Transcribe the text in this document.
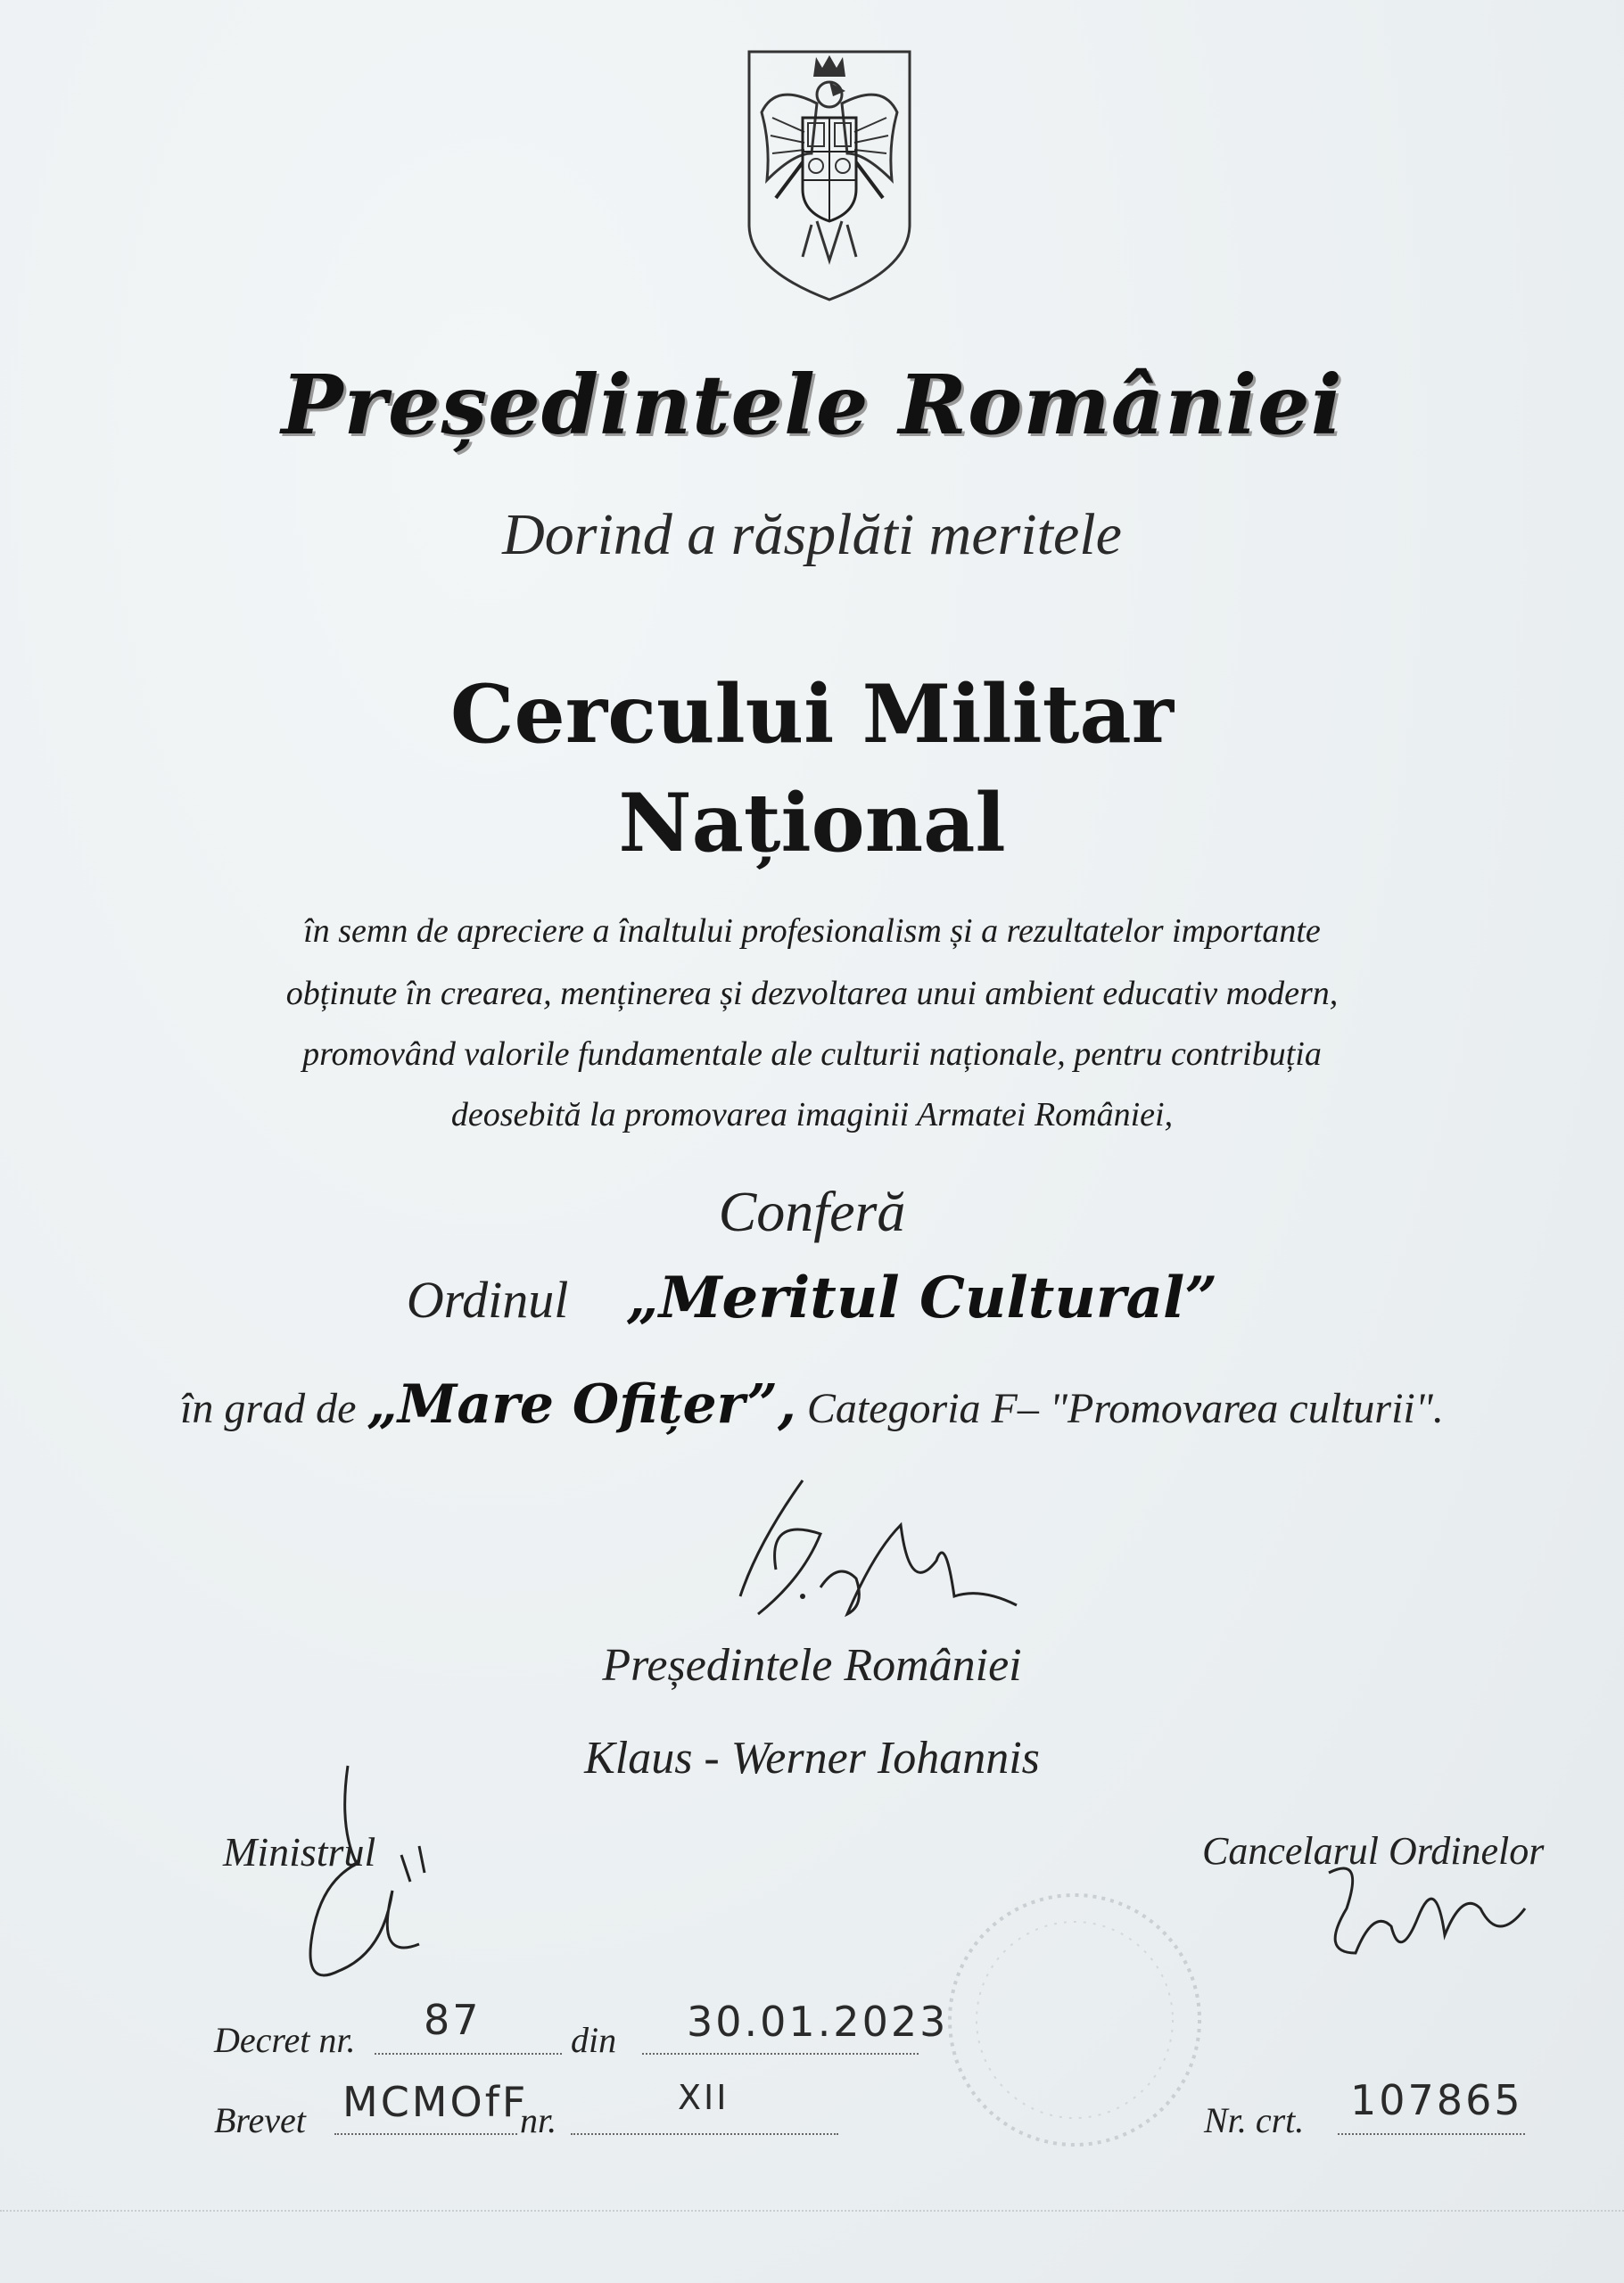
Președintele României
Dorind a răsplăti meritele
Cercului Militar
Național
în semn de apreciere a înaltului profesionalism și a rezultatelor importante
obținute în crearea, menținerea și dezvoltarea unui ambient educativ modern,
promovând valorile fundamentale ale culturii naționale, pentru contribuția
deosebită la promovarea imaginii Armatei României,
Conferă
Ordinul „Meritul Cultural”
în grad de „Mare Ofițer”, Categoria F– "Promovarea culturii".
Președintele României
Klaus - Werner Iohannis
Ministrul	Cancelarul Ordinelor
Decret nr. 87	din 30.01.2023
Brevet MCMOfF
nr.
XII
Nr. crt. 107865
